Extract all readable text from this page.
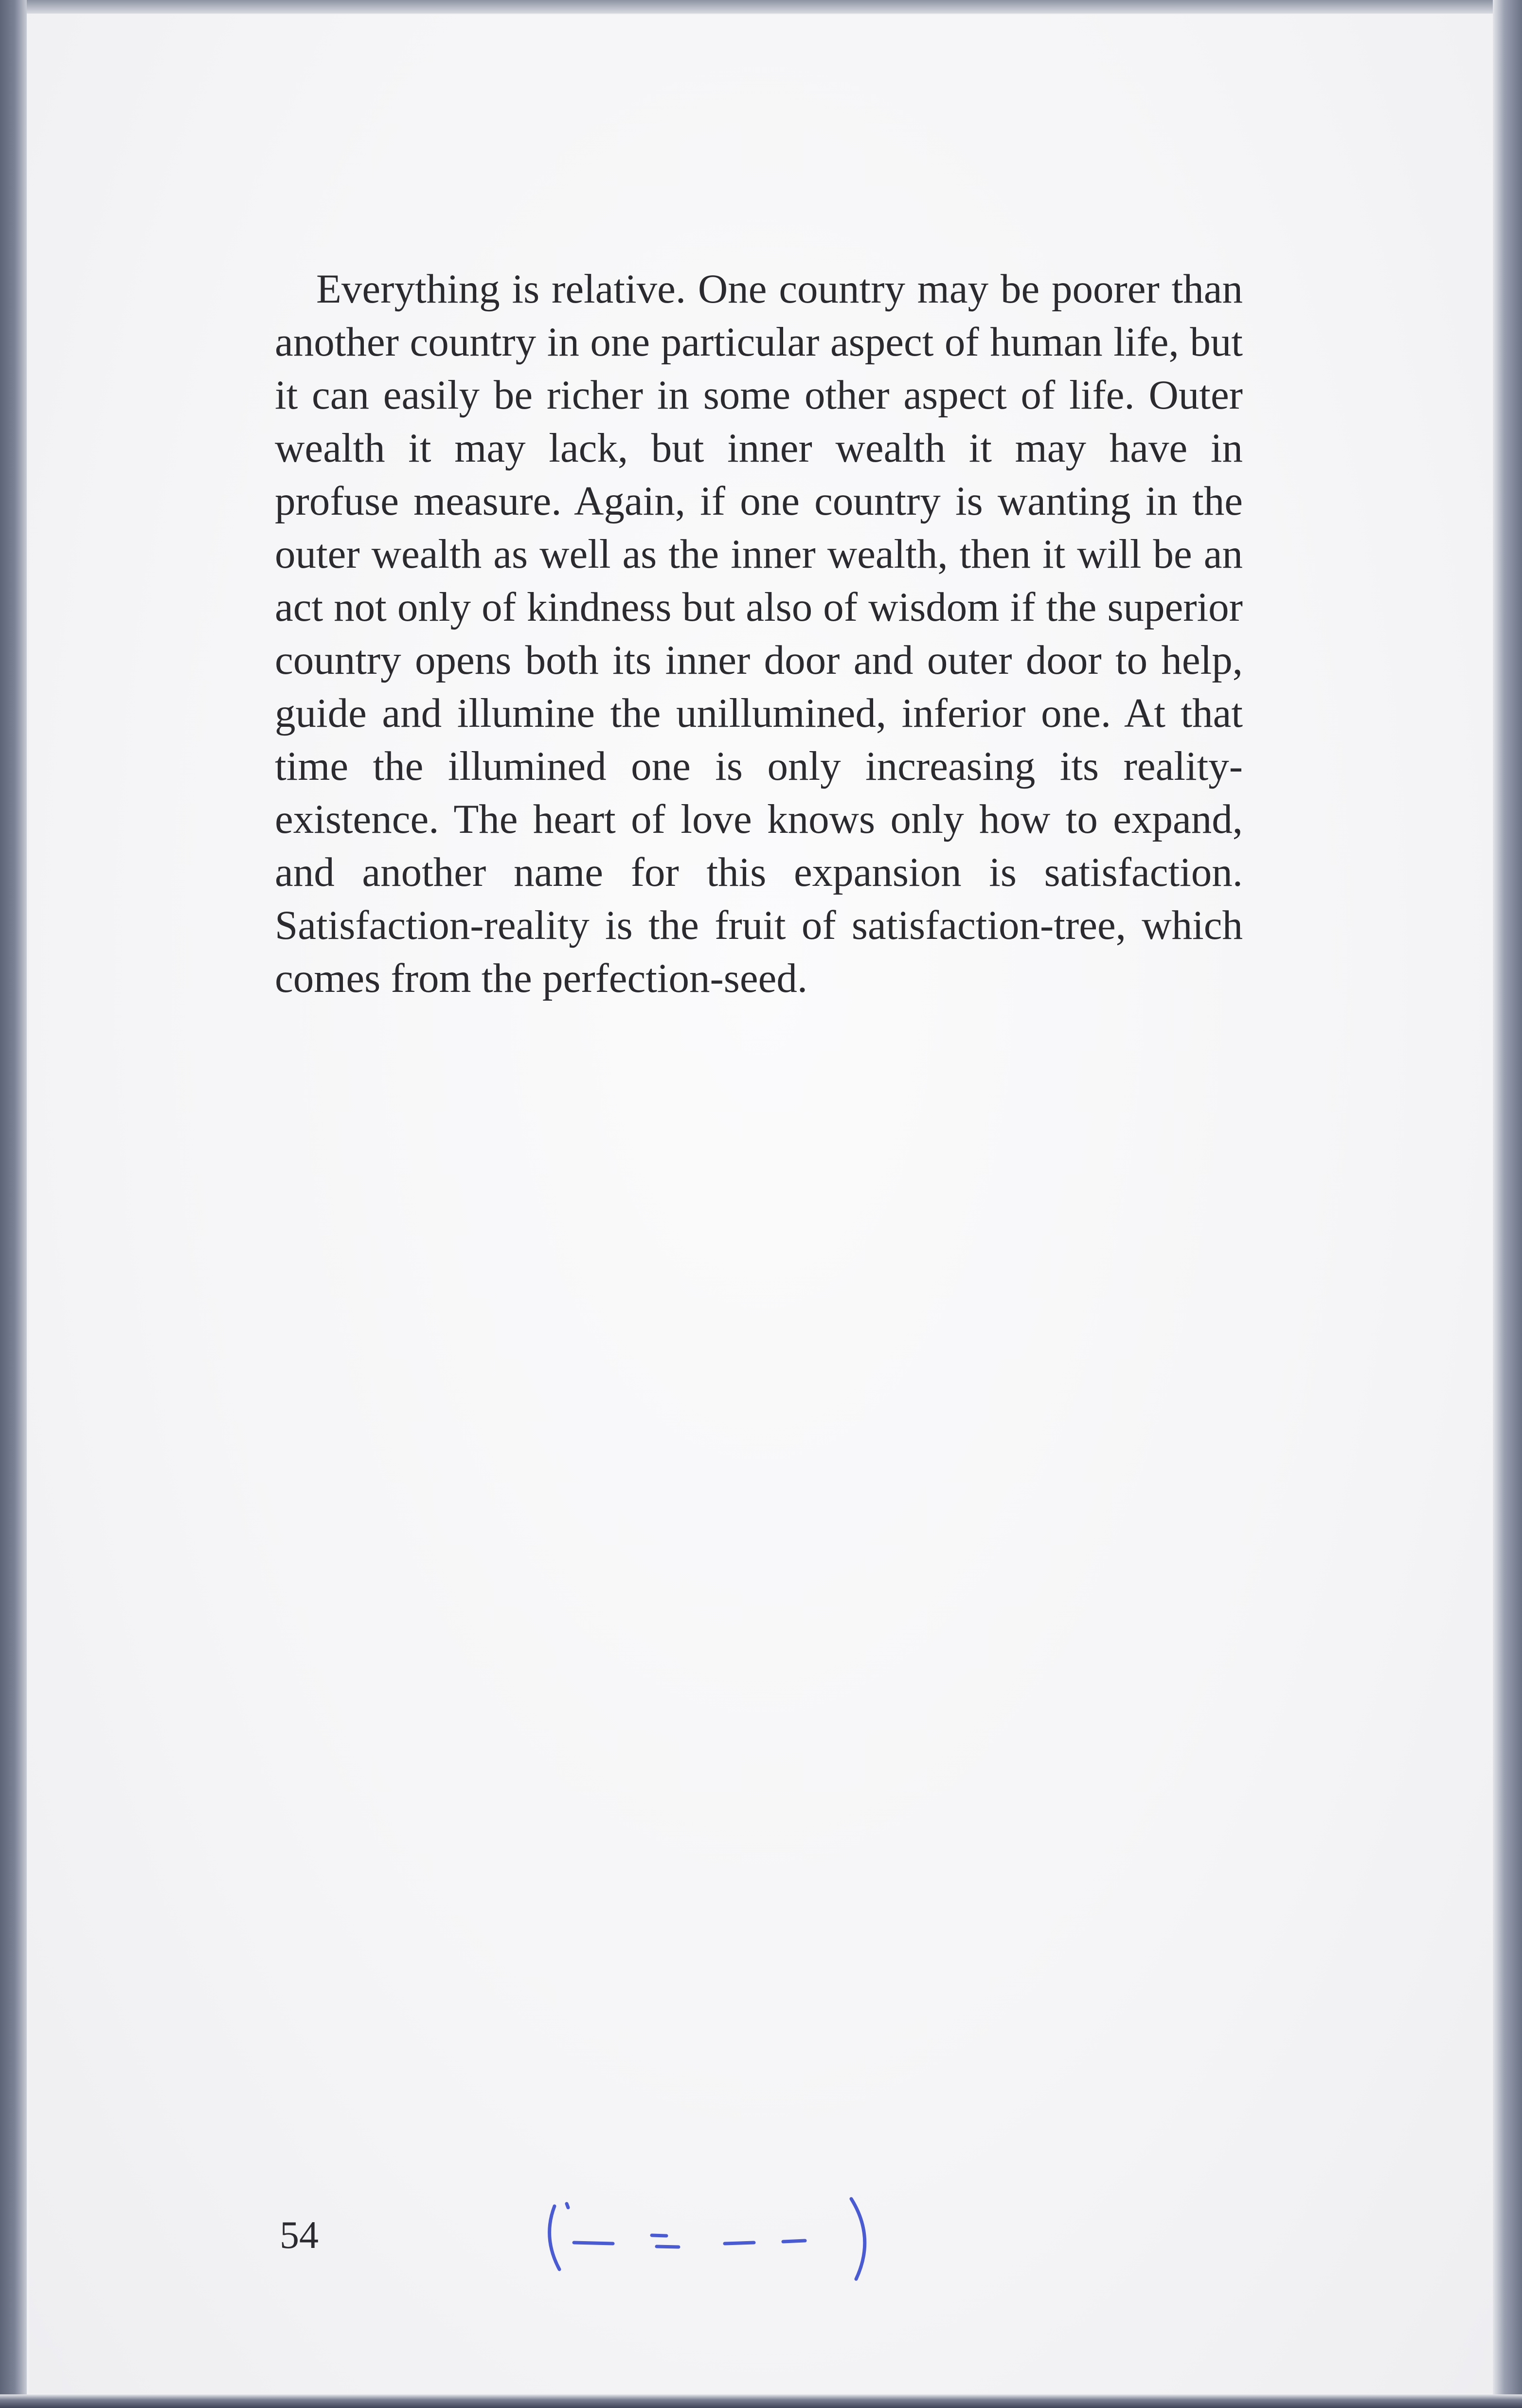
Everything is relative. One country may be poorer than another country in one particular aspect of human life, but it can easily be richer in some other aspect of life. Outer wealth it may lack, but inner wealth it may have in profuse measure. Again, if one country is wanting in the outer wealth as well as the inner wealth, then it will be an act not only of kindness but also of wisdom if the superior country opens both its inner door and outer door to help, guide and illumine the unillumined, inferior one. At that time the illumined one is only increasing its reality-existence. The heart of love knows only how to expand, and another name for this expansion is satisfaction. Satisfaction-reality is the fruit of satisfaction-tree, which comes from the perfection-seed.

54
